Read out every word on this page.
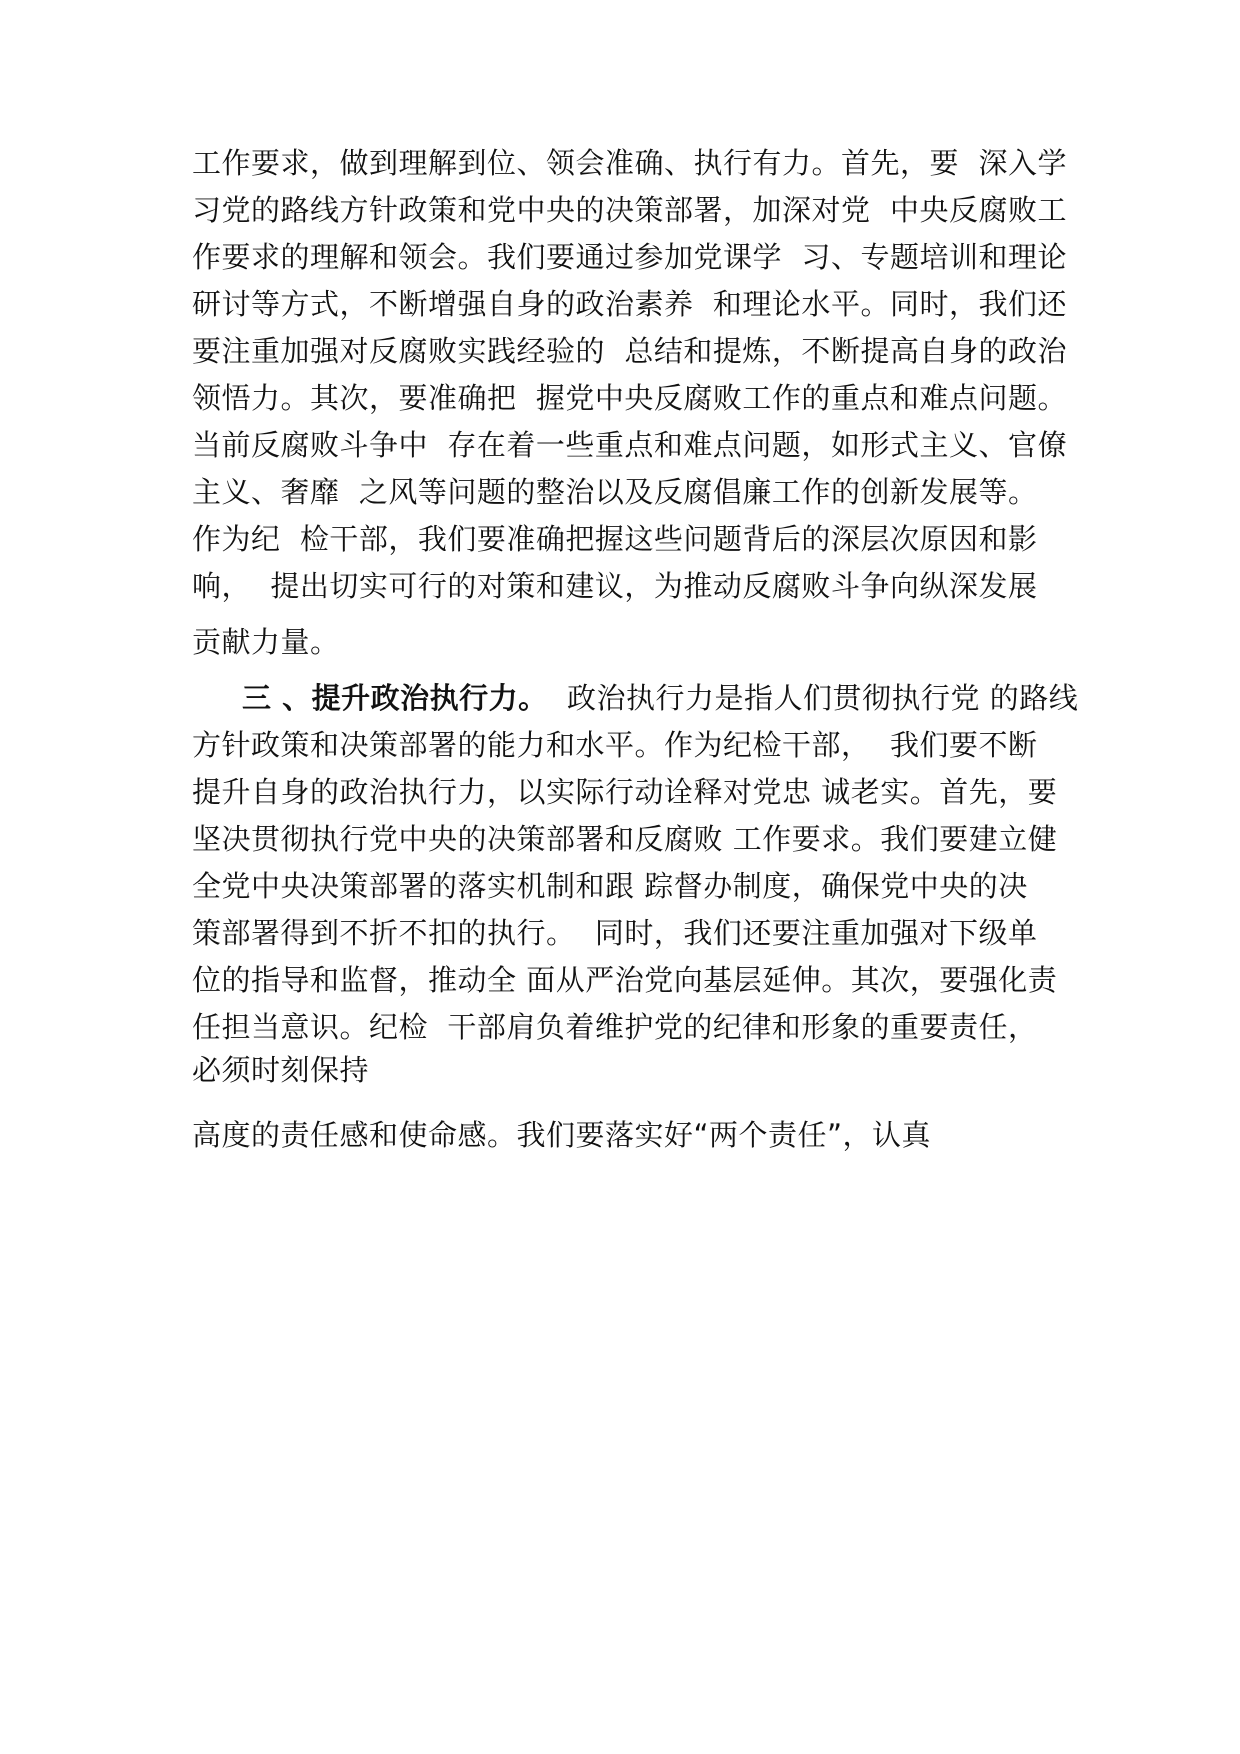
工作要求，做到理解到位、领会准确、执行有力。首先，要  深入学
习党的路线方针政策和党中央的决策部署，加深对党  中央反腐败工
作要求的理解和领会。我们要通过参加党课学  习、专题培训和理论
研讨等方式，不断增强自身的政治素养  和理论水平。同时，我们还
要注重加强对反腐败实践经验的  总结和提炼，不断提高自身的政治
领悟力。其次，要准确把  握党中央反腐败工作的重点和难点问题。
当前反腐败斗争中  存在着一些重点和难点问题，如形式主义、官僚
主义、奢靡  之风等问题的整治以及反腐倡廉工作的创新发展等。
作为纪  检干部，我们要准确把握这些问题背后的深层次原因和影
响，  提出切实可行的对策和建议，为推动反腐败斗争向纵深发展
贡献力量。
三 、提升政治执行力。  政治执行力是指人们贯彻执行党 的路线
方针政策和决策部署的能力和水平。作为纪检干部，  我们要不断
提升自身的政治执行力，以实际行动诠释对党忠 诚老实。首先，要
坚决贯彻执行党中央的决策部署和反腐败 工作要求。我们要建立健
全党中央决策部署的落实机制和跟 踪督办制度，确保党中央的决
策部署得到不折不扣的执行。  同时，我们还要注重加强对下级单
位的指导和监督，推动全 面从严治党向基层延伸。其次，要强化责
任担当意识。纪检  干部肩负着维护党的纪律和形象的重要责任，
必须时刻保持
高度的责任感和使命感。我们要落实好“两个责任”，认真
